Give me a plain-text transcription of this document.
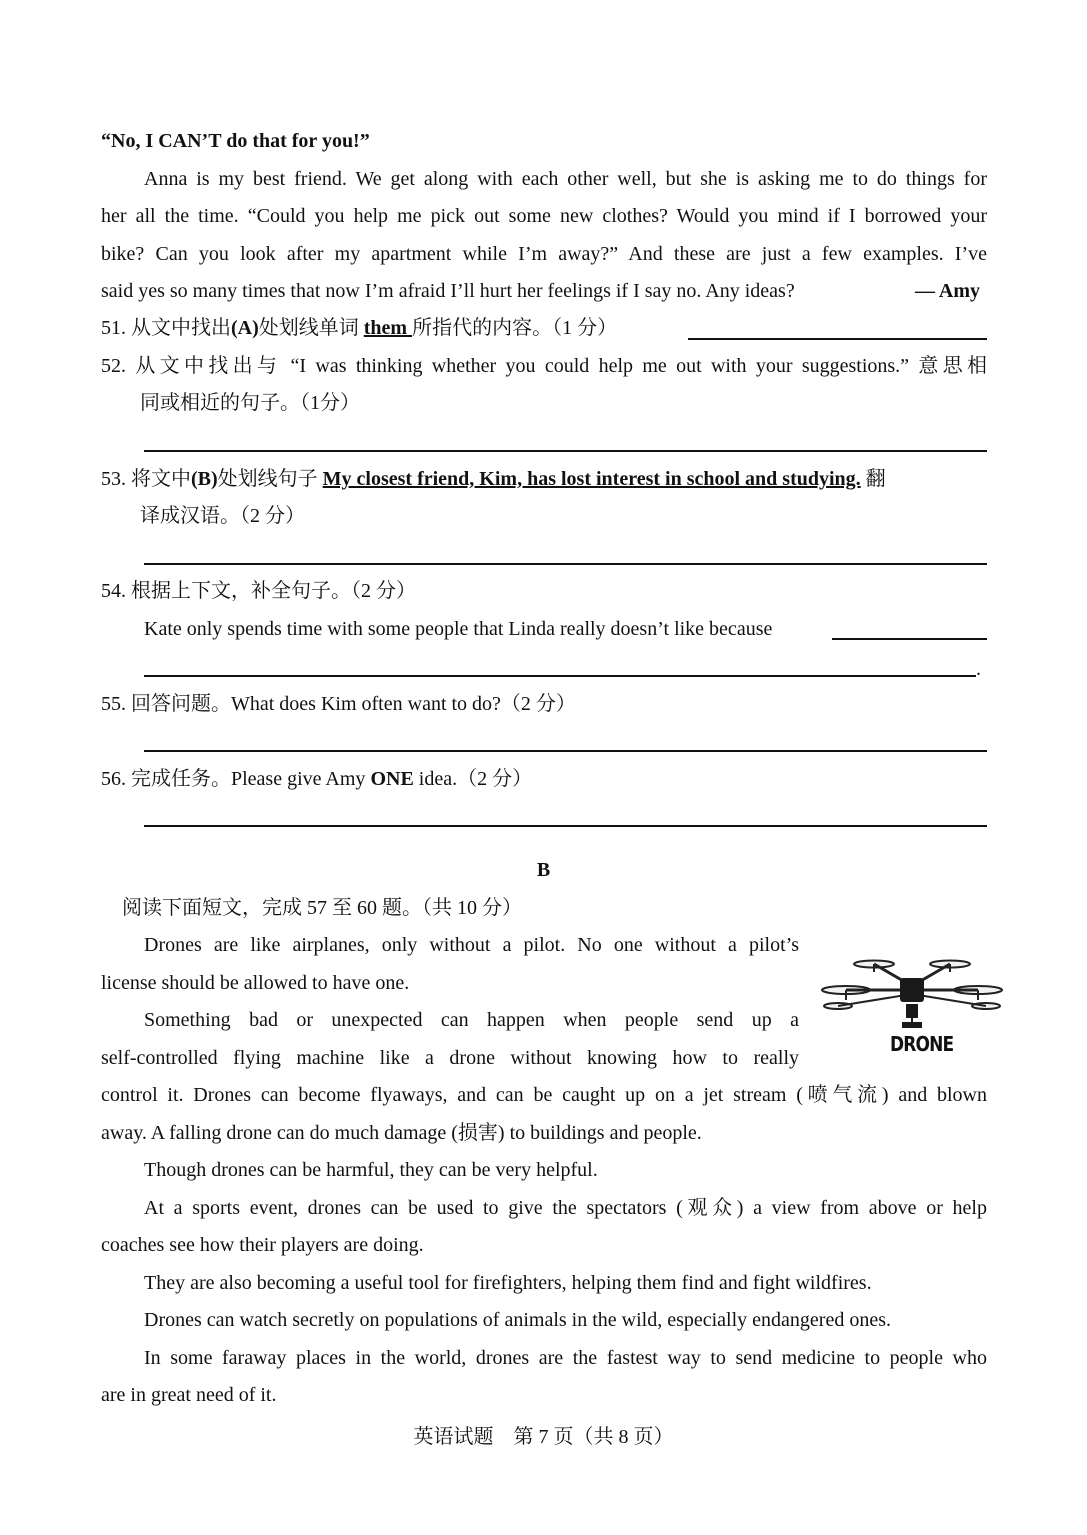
“No, I CAN’T do that for you!”
Anna is my best friend. We get along with each other well, but she is asking me to do things for
her all the time. “Could you help me pick out some new clothes? Would you mind if I borrowed your
bike? Can you look after my apartment while I’m away?” And these are just a few examples. I’ve
said yes so many times that now I’m afraid I’ll hurt her feelings if I say no. Any ideas?	— Amy
51. 从文中找出(A)处划线单词 them 所指代的内容。（1 分）
52. 从文中找出与 “I was thinking whether you could help me out with your suggestions.” 意思相
同或相近的句子。（1分）
53. 将文中(B)处划线句子 My closest friend, Kim, has lost interest in school and studying. 翻
译成汉语。（2 分）
54. 根据上下文，补全句子。（2 分）
Kate only spends time with some people that Linda really doesn’t like because
.
55. 回答问题。What does Kim often want to do?（2 分）
56. 完成任务。Please give Amy ONE idea.（2 分）
B
阅读下面短文，完成 57 至 60 题。（共 10 分）
Drones are like airplanes, only without a pilot. No one without a pilot’s
license should be allowed to have one.
Something bad or unexpected can happen when people send up a
self-controlled flying machine like a drone without knowing how to really
DRONE
control it. Drones can become flyaways, and can be caught up on a jet stream (喷气流) and blown
away. A falling drone can do much damage (损害) to buildings and people.
Though drones can be harmful, they can be very helpful.
At a sports event, drones can be used to give the spectators (观众) a view from above or help
coaches see how their players are doing.
They are also becoming a useful tool for firefighters, helping them find and fight wildfires.
Drones can watch secretly on populations of animals in the wild, especially endangered ones.
In some faraway places in the world, drones are the fastest way to send medicine to people who
are in great need of it.
英语试题　第 7 页（共 8 页）
